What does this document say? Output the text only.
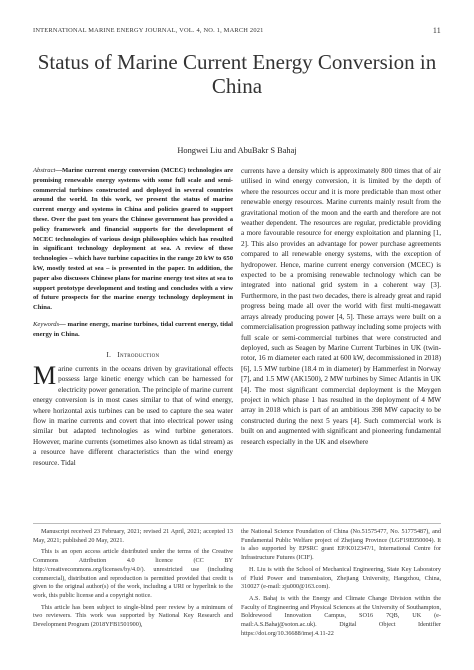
INTERNATIONAL MARINE ENERGY JOURNAL, VOL. 4, NO. 1, MARCH 2021	11
Status of Marine Current Energy Conversion in China
Hongwei Liu and AbuBakr S Bahaj

Abstract—Marine current energy conversion (MCEC) technologies are promising renewable energy systems with some full scale and semi-commercial turbines constructed and deployed in several countries around the world. In this work, we present the status of marine current energy and systems in China and policies geared to support these. Over the past ten years the Chinese government has provided a policy framework and financial supports for the development of MCEC technologies of various design philosophies which has resulted in significant technology deployment at sea. A review of these technologies – which have turbine capacities in the range 20 kW to 650 kW, mostly tested at sea – is presented in the paper. In addition, the paper also discusses Chinese plans for marine energy test sites at sea to support prototype development and testing and concludes with a view of future prospects for the marine energy technology deployment in China.

Keywords— marine energy, marine turbines, tidal current energy, tidal energy in China.

I. Introduction

Marine currents in the oceans driven by gravitational effects possess large kinetic energy which can be harnessed for electricity power generation. The principle of marine current energy conversion is in most cases similar to that of wind energy, where horizontal axis turbines can be used to capture the sea water flow in marine currents and covert that into electrical power using similar but adapted technologies as wind turbine generators. However, marine currents (sometimes also known as tidal stream) as a resource have different characteristics than the wind energy resource. Tidal

currents have a density which is approximately 800 times that of air utilised in wind energy conversion, it is limited by the depth of where the resources occur and it is more predictable than most other renewable energy resources. Marine currents mainly result from the gravitational motion of the moon and the earth and therefore are not weather dependent. The resources are regular, predictable providing a more favourable resource for energy exploitation and planning [1, 2]. This also provides an advantage for power purchase agreements compared to all renewable energy systems, with the exception of hydropower. Hence, marine current energy conversion (MCEC) is expected to be a promising renewable technology which can be integrated into national grid system in a coherent way [3]. Furthermore, in the past two decades, there is already great and rapid progress being made all over the world with first multi-megawatt arrays already producing power [4, 5]. These arrays were built on a commercialisation progression pathway including some projects with full scale or semi-commercial turbines that were constructed and deployed, such as Seagen by Marine Current Turbines in UK (twin-rotor, 16 m diameter each rated at 600 kW, decommissioned in 2018) [6], 1.5 MW turbine (18.4 m in diameter) by Hammerfest in Norway [7], and 1.5 MW (AK1500), 2 MW turbines by Simec Atlantis in UK [4]. The most significant commercial deployment is the Meygen project in which phase 1 has resulted in the deployment of 4 MW array in 2018 which is part of an ambitious 398 MW capacity to be constructed during the next 5 years [4]. Such commercial work is built on and augmented with significant and pioneering fundamental research especially in the UK and elsewhere

Manuscript received 23 February, 2021; revised 21 April, 2021; accepted 13 May, 2021; published 20 May, 2021.

This is an open access article distributed under the terms of the Creative Commons Attribution 4.0 licence (CC BY http://creativecommons.org/licenses/by/4.0/). unrestricted use (including commercial), distribution and reproduction is permitted provided that credit is given to the original author(s) of the work, including a URI or hyperlink to the work, this public license and a copyright notice.

This article has been subject to single-blind peer review by a minimum of two reviewers. This work was supported by National Key Research and Development Program (2018YFB1501900),

the National Science Foundation of China (No.51575477, No. 51775487), and Fundamental Public Welfare project of Zhejiang Province (LGF19E050004). It is also supported by EPSRC grant EP/K012347/1, International Centre for Infrastructure Futures (ICIF).

H. Liu is with the School of Mechanical Engineering, State Key Laboratory of Fluid Power and transmission, Zhejiang University, Hangzhou, China, 310027 (e-mail: zju000@163.com).

A.S. Bahaj is with the Energy and Climate Change Division within the Faculty of Engineering and Physical Sciences at the University of Southampton, Boldrewood Innovation Campus, SO16 7QB, UK (e-mail:A.S.Bahaj@soton.ac.uk). Digital Object Identifier https://doi.org/10.36688/imej.4.11-22
